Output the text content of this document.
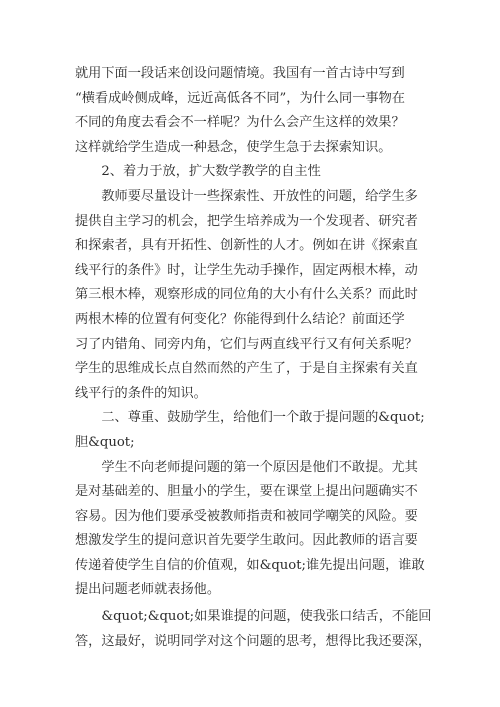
就用下面一段话来创设问题情境。我国有一首古诗中写到
“横看成岭侧成峰，远近高低各不同”，为什么同一事物在
不同的角度去看会不一样呢？为什么会产生这样的效果？
这样就给学生造成一种悬念，使学生急于去探索知识。
　　2、着力于放，扩大数学教学的自主性
　　教师要尽量设计一些探索性、开放性的问题，给学生多
提供自主学习的机会，把学生培养成为一个发现者、研究者
和探索者，具有开拓性、创新性的人才。例如在讲《探索直
线平行的条件》时，让学生先动手操作，固定两根木棒，动
第三根木棒，观察形成的同位角的大小有什么关系？而此时
两根木棒的位置有何变化？你能得到什么结论？前面还学
习了内错角、同旁内角，它们与两直线平行又有何关系呢？
学生的思维成长点自然而然的产生了，于是自主探索有关直
线平行的条件的知识。
　　二、尊重、鼓励学生，给他们一个敢于提问题的&quot;
胆&quot;
　　学生不向老师提问题的第一个原因是他们不敢提。尤其
是对基础差的、胆量小的学生，要在课堂上提出问题确实不
容易。因为他们要承受被教师指责和被同学嘲笑的风险。要
想激发学生的提问意识首先要学生敢问。因此教师的语言要
传递着使学生自信的价值观，如&quot;谁先提出问题，谁敢
提出问题老师就表扬他。
　　&quot;&quot;如果谁提的问题，使我张口结舌，不能回
答，这最好，说明同学对这个问题的思考，想得比我还要深，
